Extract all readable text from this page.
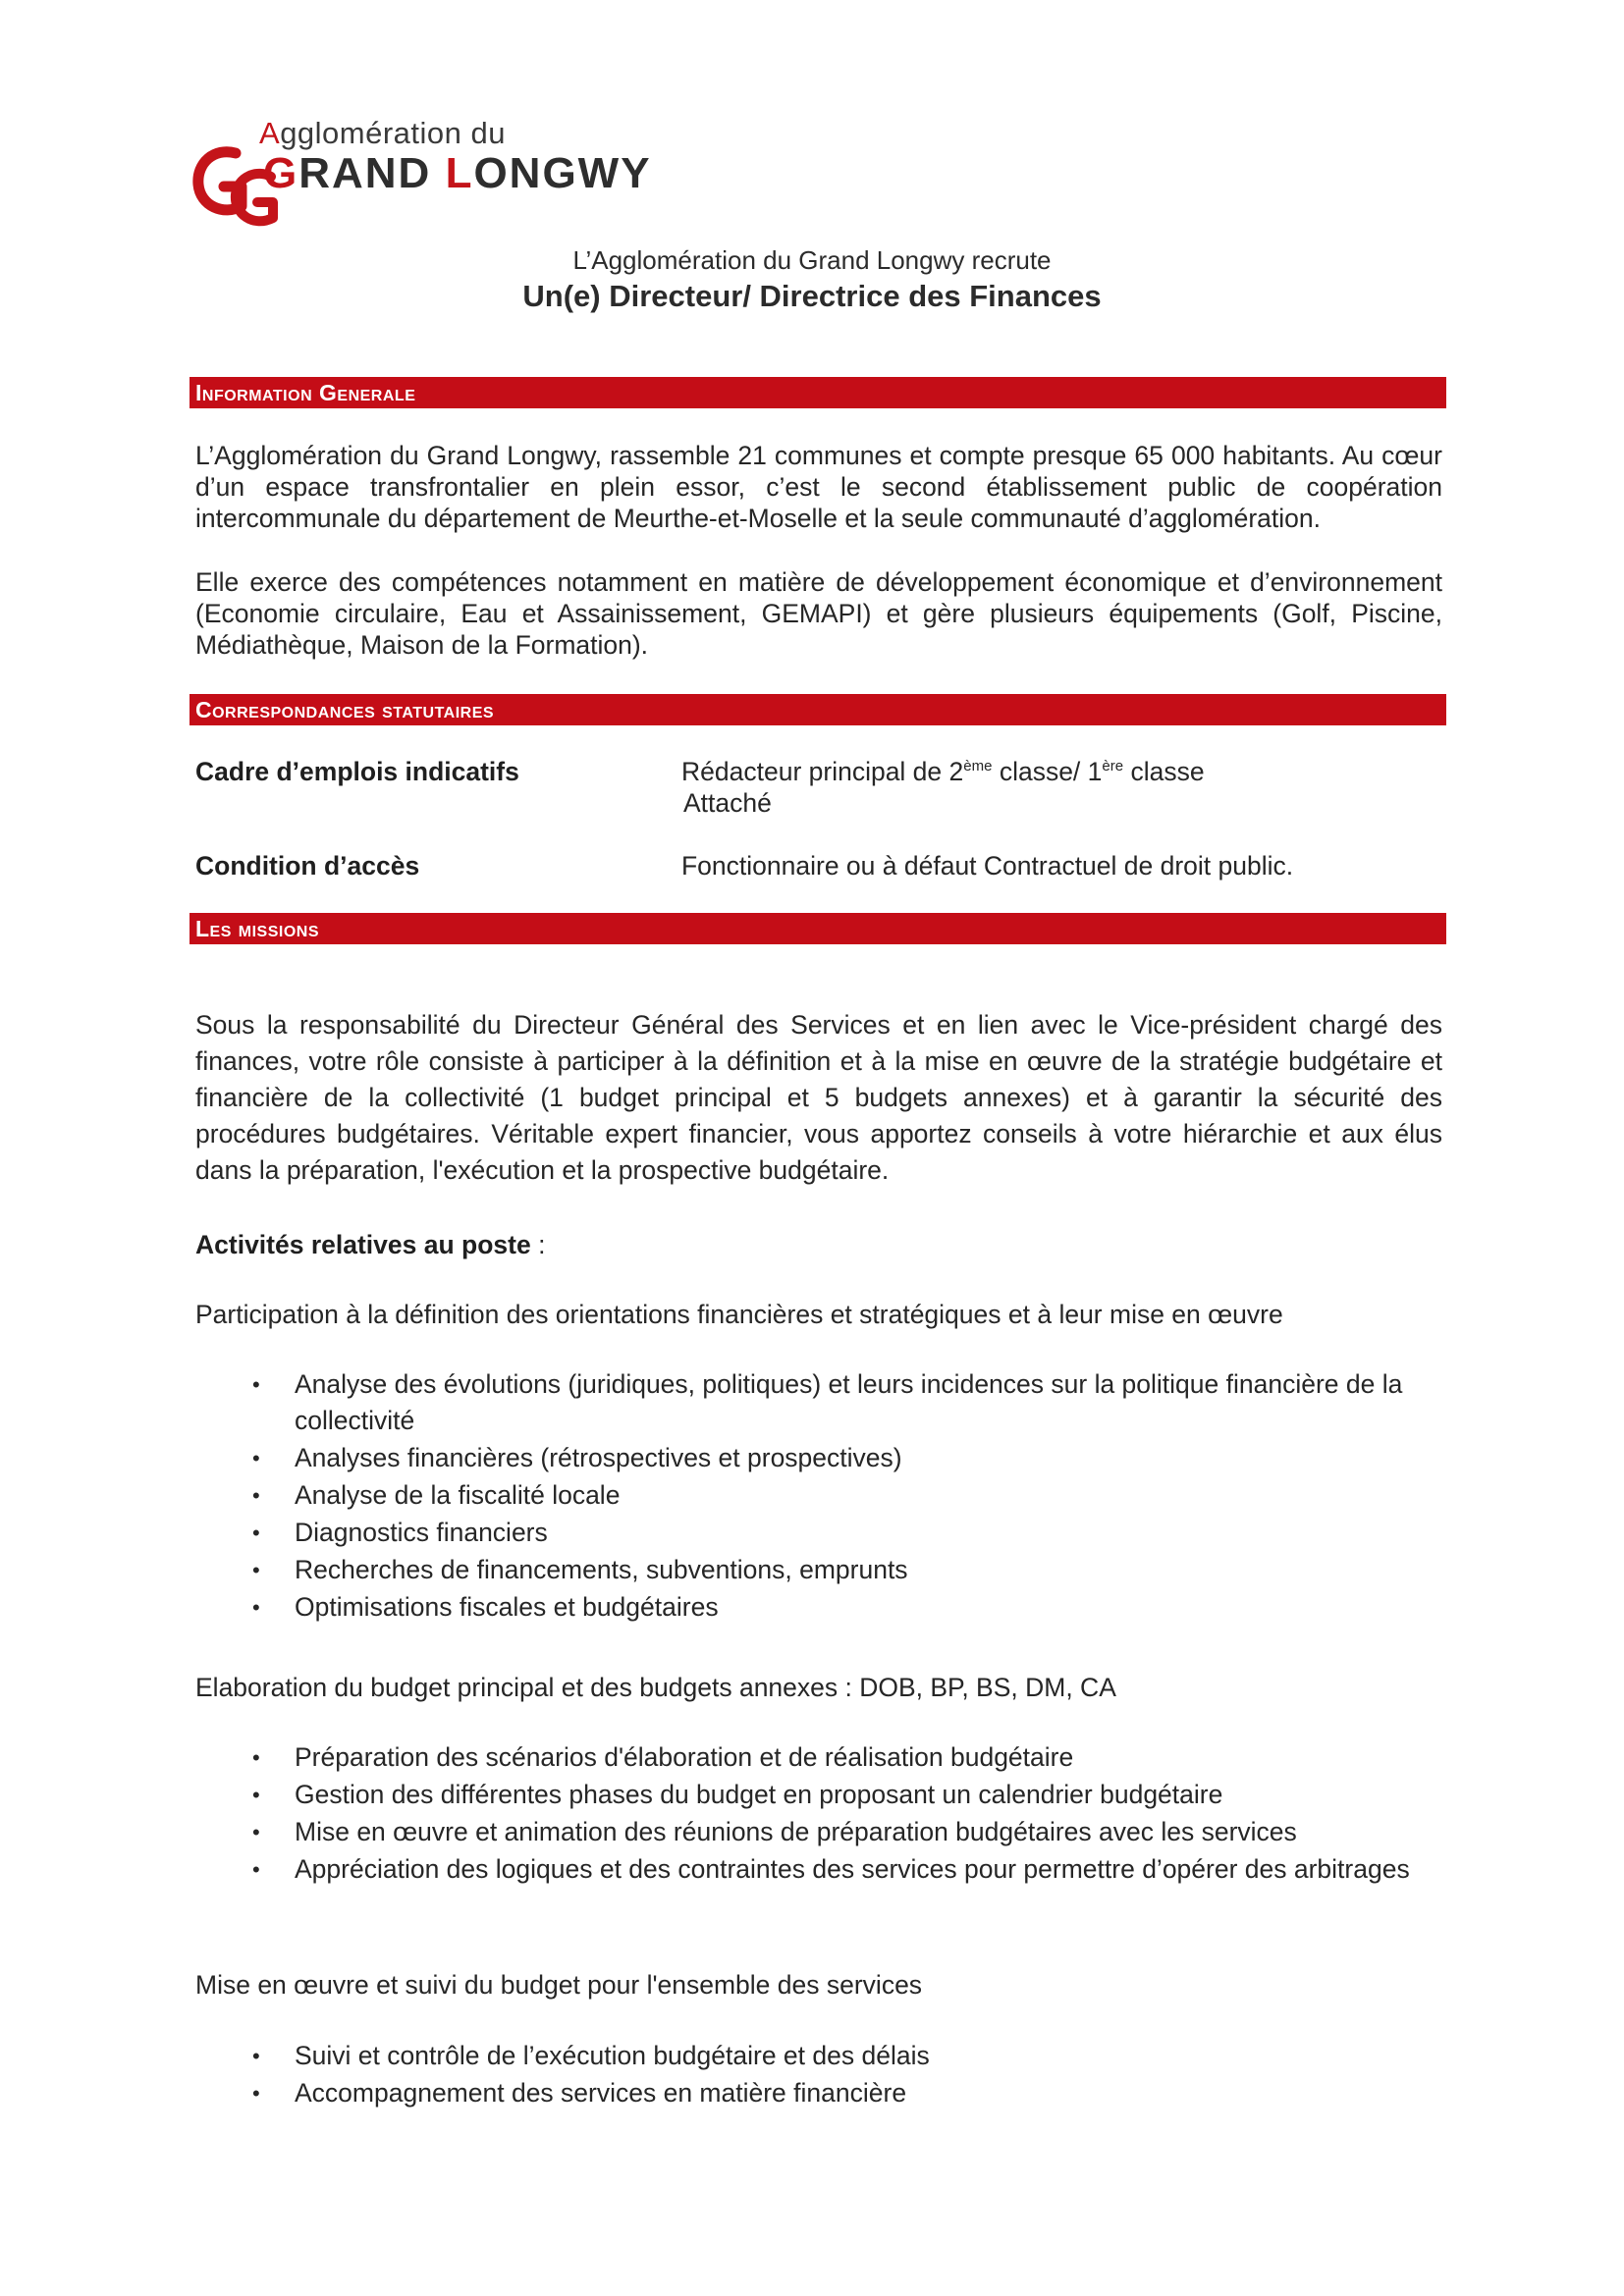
Agglomération du
GRAND LONGWY
L’Agglomération du Grand Longwy recrute
Un(e) Directeur/ Directrice des Finances
Information Generale
L’Agglomération du Grand Longwy, rassemble 21 communes et compte presque 65 000 habitants. Au cœur d’un espace transfrontalier en plein essor, c’est le second établissement public de coopération intercommunale du département de Meurthe-et-Moselle et la seule communauté d’agglomération.
Elle exerce des compétences notamment en matière de développement économique et d’environnement (Economie circulaire, Eau et Assainissement, GEMAPI) et gère plusieurs équipements (Golf, Piscine, Médiathèque, Maison de la Formation).
Correspondances statutaires
Cadre d’emplois indicatifs	Rédacteur principal de 2ème classe/ 1ère classe
Attaché
Condition d’accès	Fonctionnaire ou à défaut Contractuel de droit public.
Les missions
Sous la responsabilité du Directeur Général des Services et en lien avec le Vice-président chargé des finances, votre rôle consiste à participer à la définition et à la mise en œuvre de la stratégie budgétaire et financière de la collectivité (1 budget principal et 5 budgets annexes) et à garantir la sécurité des procédures budgétaires. Véritable expert financier, vous apportez conseils à votre hiérarchie et aux élus dans la préparation, l'exécution et la prospective budgétaire.
Activités relatives au poste :
Participation à la définition des orientations financières et stratégiques et à leur mise en œuvre
• Analyse des évolutions (juridiques, politiques) et leurs incidences sur la politique financière de la collectivité
• Analyses financières (rétrospectives et prospectives)
• Analyse de la fiscalité locale
• Diagnostics financiers
• Recherches de financements, subventions, emprunts
• Optimisations fiscales et budgétaires
Elaboration du budget principal et des budgets annexes : DOB, BP, BS, DM, CA
• Préparation des scénarios d'élaboration et de réalisation budgétaire
• Gestion des différentes phases du budget en proposant un calendrier budgétaire
• Mise en œuvre et animation des réunions de préparation budgétaires avec les services
• Appréciation des logiques et des contraintes des services pour permettre d’opérer des arbitrages
Mise en œuvre et suivi du budget pour l'ensemble des services
• Suivi et contrôle de l’exécution budgétaire et des délais
• Accompagnement des services en matière financière
